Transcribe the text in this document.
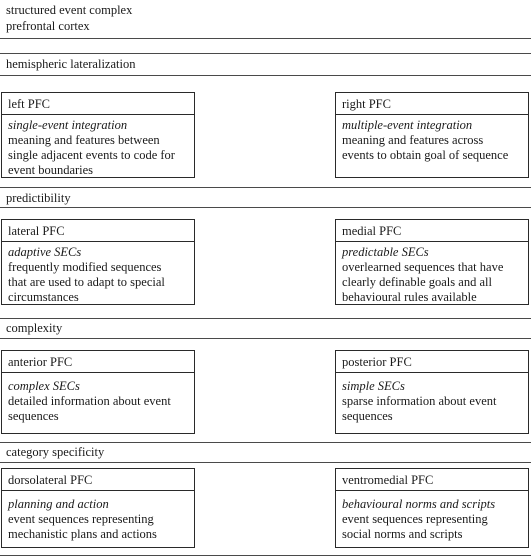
structured event complex
prefrontal cortex
hemispheric lateralization
left PFC
single-event integration
meaning and features between
single adjacent events to code for
event boundaries
right PFC
multiple-event integration
meaning and features across
events to obtain goal of sequence
predictibility
lateral PFC
adaptive SECs
frequently modified sequences
that are used to adapt to special
circumstances
medial PFC
predictable SECs
overlearned sequences that have
clearly definable goals and all
behavioural rules available
complexity
anterior PFC
complex SECs
detailed information about event
sequences
posterior PFC
simple SECs
sparse information about event
sequences
category specificity
dorsolateral PFC
planning and action
event sequences representing
mechanistic plans and actions
ventromedial PFC
behavioural norms and scripts
event sequences representing
social norms and scripts
